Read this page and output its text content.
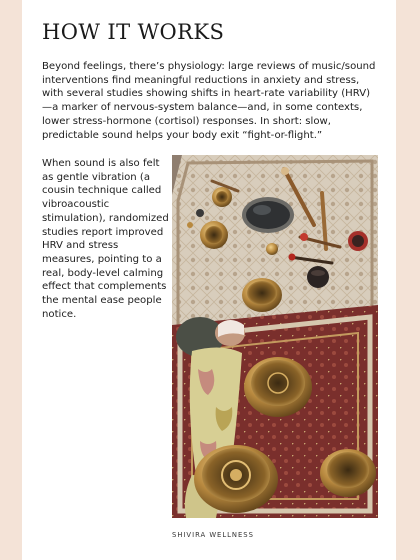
HOW IT WORKS

Beyond feelings, there’s physiology: large reviews of music/sound interventions find meaningful reductions in anxiety and stress, with several studies showing shifts in heart-rate variability (HRV)—a marker of nervous-system balance—and, in some contexts, lower stress-hormone (cortisol) responses. In short: slow, predictable sound helps your body exit “fight-or-flight.”

When sound is also felt as gentle vibration (a cousin technique called vibroacoustic stimulation), randomized studies report improved HRV and stress measures, pointing to a real, body-level calming effect that complements the mental ease people notice.

SHIVIRA WELLNESS
